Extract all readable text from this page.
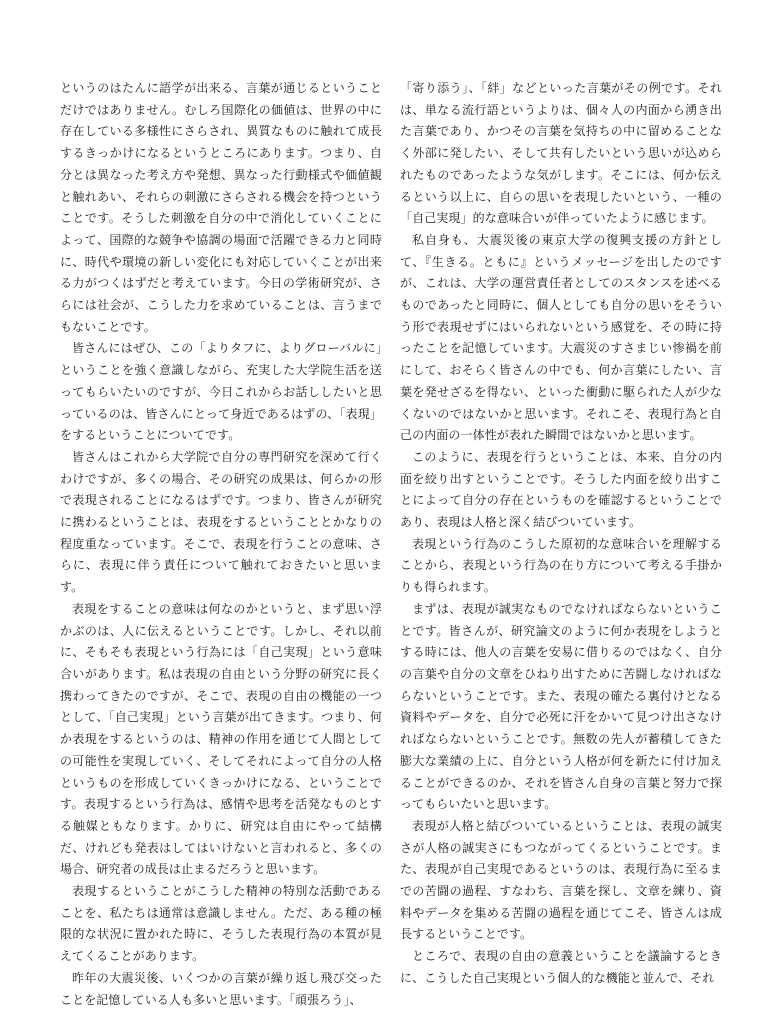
というのはたんに語学が出来る、言葉が通じるということだけではありません。むしろ国際化の価値は、世界の中に存在している多様性にさらされ、異質なものに触れて成長するきっかけになるというところにあります。つまり、自分とは異なった考え方や発想、異なった行動様式や価値観と触れあい、それらの刺激にさらされる機会を持つということです。そうした刺激を自分の中で消化していくことによって、国際的な競争や協調の場面で活躍できる力と同時に、時代や環境の新しい変化にも対応していくことが出来る力がつくはずだと考えています。今日の学術研究が、さらには社会が、こうした力を求めていることは、言うまでもないことです。

皆さんにはぜひ、この「よりタフに、よりグローバルに」ということを強く意識しながら、充実した大学院生活を送ってもらいたいのですが、今日これからお話ししたいと思っているのは、皆さんにとって身近であるはずの、「表現」をするということについてです。

皆さんはこれから大学院で自分の専門研究を深めて行くわけですが、多くの場合、その研究の成果は、何らかの形で表現されることになるはずです。つまり、皆さんが研究に携わるということは、表現をするということとかなりの程度重なっています。そこで、表現を行うことの意味、さらに、表現に伴う責任について触れておきたいと思います。

表現をすることの意味は何なのかというと、まず思い浮かぶのは、人に伝えるということです。しかし、それ以前に、そもそも表現という行為には「自己実現」という意味合いがあります。私は表現の自由という分野の研究に長く携わってきたのですが、そこで、表現の自由の機能の一つとして、「自己実現」という言葉が出てきます。つまり、何か表現をするというのは、精神の作用を通じて人間としての可能性を実現していく、そしてそれによって自分の人格というものを形成していくきっかけになる、ということです。表現するという行為は、感情や思考を活発なものとする触媒ともなります。かりに、研究は自由にやって結構だ、けれども発表はしてはいけないと言われると、多くの場合、研究者の成長は止まるだろうと思います。

表現するということがこうした精神の特別な活動であることを、私たちは通常は意識しません。ただ、ある種の極限的な状況に置かれた時に、そうした表現行為の本質が見えてくることがあります。

昨年の大震災後、いくつかの言葉が繰り返し飛び交ったことを記憶している人も多いと思います。「頑張ろう」、

「寄り添う」、「絆」などといった言葉がその例です。それは、単なる流行語というよりは、個々人の内面から湧き出た言葉であり、かつその言葉を気持ちの中に留めることなく外部に発したい、そして共有したいという思いが込められたものであったような気がします。そこには、何か伝えるという以上に、自らの思いを表現したいという、一種の「自己実現」的な意味合いが伴っていたように感じます。

私自身も、大震災後の東京大学の復興支援の方針として、『生きる。ともに』というメッセージを出したのですが、これは、大学の運営責任者としてのスタンスを述べるものであったと同時に、個人としても自分の思いをそういう形で表現せずにはいられないという感覚を、その時に持ったことを記憶しています。大震災のすさまじい惨禍を前にして、おそらく皆さんの中でも、何か言葉にしたい、言葉を発せざるを得ない、といった衝動に駆られた人が少なくないのではないかと思います。それこそ、表現行為と自己の内面の一体性が表れた瞬間ではないかと思います。

このように、表現を行うということは、本来、自分の内面を絞り出すということです。そうした内面を絞り出すことによって自分の存在というものを確認するということであり、表現は人格と深く結びついています。

表現という行為のこうした原初的な意味合いを理解することから、表現という行為の在り方について考える手掛かりも得られます。

まずは、表現が誠実なものでなければならないということです。皆さんが、研究論文のように何か表現をしようとする時には、他人の言葉を安易に借りるのではなく、自分の言葉や自分の文章をひねり出すために苦闘しなければならないということです。また、表現の確たる裏付けとなる資料やデータを、自分で必死に汗をかいて見つけ出さなければならないということです。無数の先人が蓄積してきた膨大な業績の上に、自分という人格が何を新たに付け加えることができるのか、それを皆さん自身の言葉と努力で探ってもらいたいと思います。

表現が人格と結びついているということは、表現の誠実さが人格の誠実さにもつながってくるということです。また、表現が自己実現であるというのは、表現行為に至るまでの苦闘の過程、すなわち、言葉を探し、文章を練り、資料やデータを集める苦闘の過程を通じてこそ、皆さんは成長するということです。

ところで、表現の自由の意義ということを議論するときに、こうした自己実現という個人的な機能と並んで、それ
